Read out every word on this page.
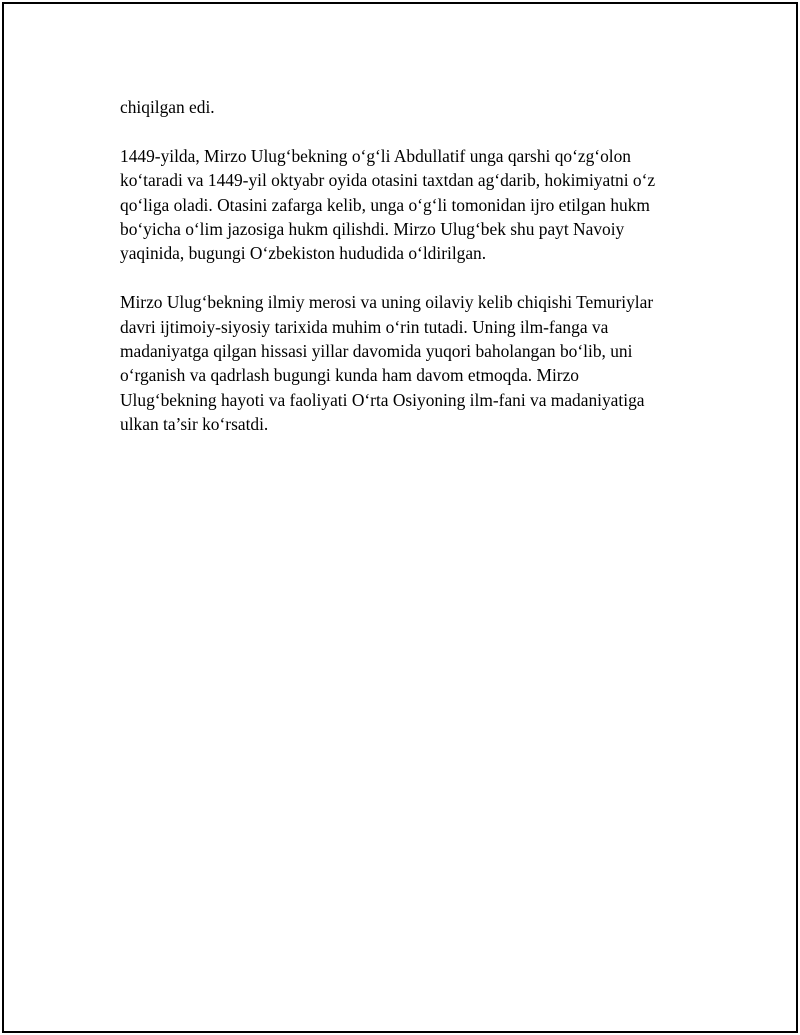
chiqilgan edi.
1449-yilda, Mirzo Ulug‘bekning o‘g‘li Abdullatif unga qarshi qo‘zg‘olon
ko‘taradi va 1449-yil oktyabr oyida otasini taxtdan ag‘darib, hokimiyatni o‘z
qo‘liga oladi. Otasini zafarga kelib, unga o‘g‘li tomonidan ijro etilgan hukm
bo‘yicha o‘lim jazosiga hukm qilishdi. Mirzo Ulug‘bek shu payt Navoiy
yaqinida, bugungi O‘zbekiston hududida o‘ldirilgan.
Mirzo Ulug‘bekning ilmiy merosi va uning oilaviy kelib chiqishi Temuriylar
davri ijtimoiy-siyosiy tarixida muhim o‘rin tutadi. Uning ilm-fanga va
madaniyatga qilgan hissasi yillar davomida yuqori baholangan bo‘lib, uni
o‘rganish va qadrlash bugungi kunda ham davom etmoqda. Mirzo
Ulug‘bekning hayoti va faoliyati O‘rta Osiyoning ilm-fani va madaniyatiga
ulkan ta’sir ko‘rsatdi.
